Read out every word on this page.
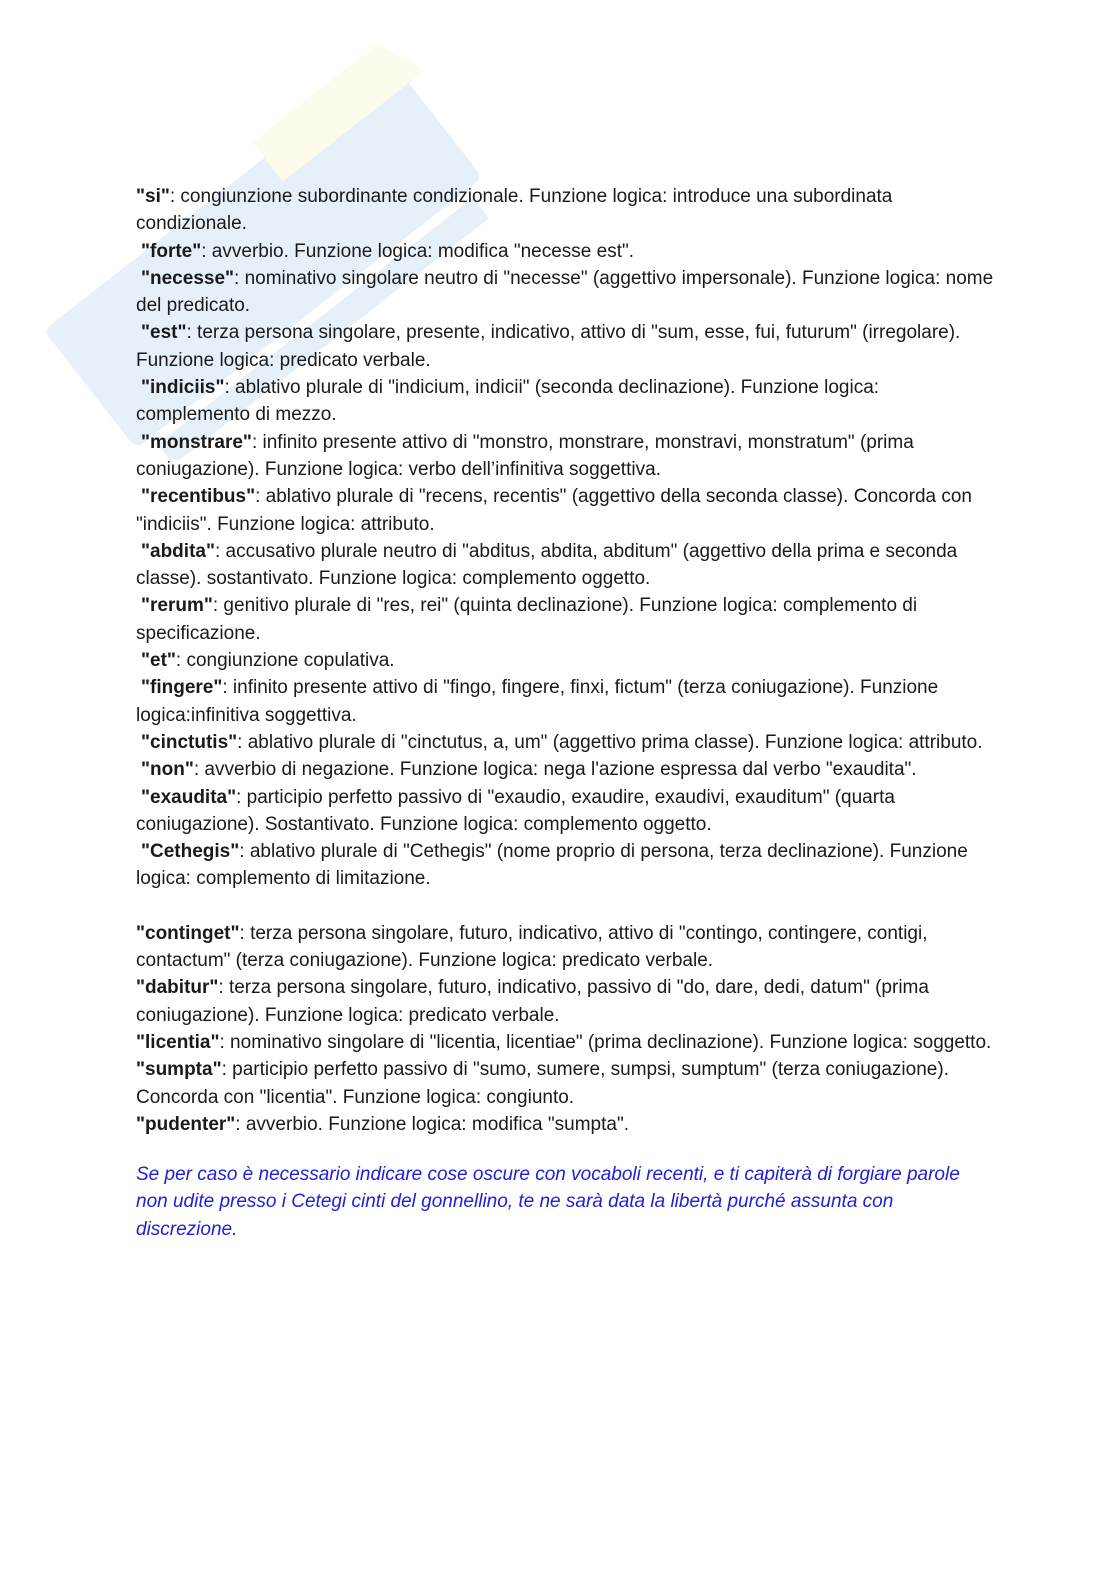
"si": congiunzione subordinante condizionale. Funzione logica: introduce una subordinata condizionale.

"forte": avverbio. Funzione logica: modifica "necesse est".

"necesse": nominativo singolare neutro di "necesse" (aggettivo impersonale). Funzione logica: nome del predicato.

"est": terza persona singolare, presente, indicativo, attivo di "sum, esse, fui, futurum" (irregolare). Funzione logica: predicato verbale.

"indiciis": ablativo plurale di "indicium, indicii" (seconda declinazione). Funzione logica: complemento di mezzo.

"monstrare": infinito presente attivo di "monstro, monstrare, monstravi, monstratum" (prima coniugazione). Funzione logica: verbo dell’infinitiva soggettiva.

"recentibus": ablativo plurale di "recens, recentis" (aggettivo della seconda classe). Concorda con "indiciis". Funzione logica: attributo.

"abdita": accusativo plurale neutro di "abditus, abdita, abditum" (aggettivo della prima e seconda classe). sostantivato. Funzione logica: complemento oggetto.

"rerum": genitivo plurale di "res, rei" (quinta declinazione). Funzione logica: complemento di specificazione.

"et": congiunzione copulativa.

"fingere": infinito presente attivo di "fingo, fingere, finxi, fictum" (terza coniugazione). Funzione logica:infinitiva soggettiva.

"cinctutis": ablativo plurale di "cinctutus, a, um" (aggettivo prima classe). Funzione logica: attributo.

"non": avverbio di negazione. Funzione logica: nega l'azione espressa dal verbo "exaudita".

"exaudita": participio perfetto passivo di "exaudio, exaudire, exaudivi, exauditum" (quarta coniugazione). Sostantivato. Funzione logica: complemento oggetto.

"Cethegis": ablativo plurale di "Cethegis" (nome proprio di persona, terza declinazione). Funzione logica: complemento di limitazione.

"continget": terza persona singolare, futuro, indicativo, attivo di "contingo, contingere, contigi, contactum" (terza coniugazione). Funzione logica: predicato verbale.

"dabitur": terza persona singolare, futuro, indicativo, passivo di "do, dare, dedi, datum" (prima coniugazione). Funzione logica: predicato verbale.

"licentia": nominativo singolare di "licentia, licentiae" (prima declinazione). Funzione logica: soggetto.

"sumpta": participio perfetto passivo di "sumo, sumere, sumpsi, sumptum" (terza coniugazione). Concorda con "licentia". Funzione logica: congiunto.

"pudenter": avverbio. Funzione logica: modifica "sumpta".

Se per caso è necessario indicare cose oscure con vocaboli recenti, e ti capiterà di forgiare parole non udite presso i Cetegi cinti del gonnellino, te ne sarà data la libertà purché assunta con discrezione.
